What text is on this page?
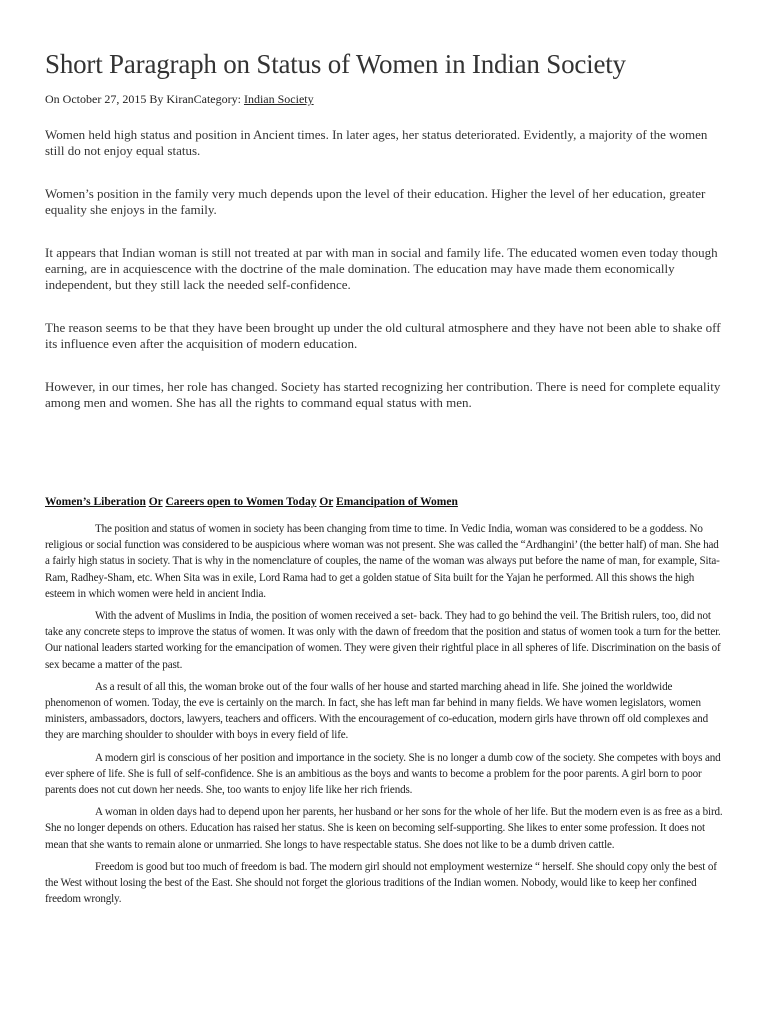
Short Paragraph on Status of Women in Indian Society
On October 27, 2015 By KiranCategory: Indian Society

Women held high status and position in Ancient times. In later ages, her status deteriorated. Evidently, a majority of the women still do not enjoy equal status.

Women’s position in the family very much depends upon the level of their education. Higher the level of her education, greater equality she enjoys in the family.

It appears that Indian woman is still not treated at par with man in social and family life. The educated women even today though earning, are in acquiescence with the doctrine of the male domination. The education may have made them economically independent, but they still lack the needed self-confidence.

The reason seems to be that they have been brought up under the old cultural atmosphere and they have not been able to shake off its influence even after the acquisition of modern education.

However, in our times, her role has changed. Society has started recognizing her contribution. There is need for complete equality among men and women. She has all the rights to command equal status with men.

Women’s Liberation Or Careers open to Women Today Or Emancipation of Women

The position and status of women in society has been changing from time to time. In Vedic India, woman was considered to be a goddess. No religious or social function was considered to be auspicious where woman was not present. She was called the “Ardhangini’ (the better half) of man. She had a fairly high status in society. That is why in the nomenclature of couples, the name of the woman was always put before the name of man, for example, Sita-Ram, Radhey-Sham, etc. When Sita was in exile, Lord Rama had to get a golden statue of Sita built for the Yajan he performed. All this shows the high esteem in which women were held in ancient India.

With the advent of Muslims in India, the position of women received a set- back. They had to go behind the veil. The British rulers, too, did not take any concrete steps to improve the status of women. It was only with the dawn of freedom that the position and status of women took a turn for the better. Our national leaders started working for the emancipation of women. They were given their rightful place in all spheres of life. Discrimination on the basis of sex became a matter of the past.

As a result of all this, the woman broke out of the four walls of her house and started marching ahead in life. She joined the worldwide phenomenon of women. Today, the eve is certainly on the march. In fact, she has left man far behind in many fields. We have women legislators, women ministers, ambassadors, doctors, lawyers, teachers and officers. With the encouragement of co-education, modern girls have thrown off old complexes and they are marching shoulder to shoulder with boys in every field of life.

A modern girl is conscious of her position and importance in the society. She is no longer a dumb cow of the society. She competes with boys and ever sphere of life. She is full of self-confidence. She is an ambitious as the boys and wants to become a problem for the poor parents. A girl born to poor parents does not cut down her needs. She, too wants to enjoy life like her rich friends.

A woman in olden days had to depend upon her parents, her husband or her sons for the whole of her life. But the modern even is as free as a bird. She no longer depends on others. Education has raised her status. She is keen on becoming self-supporting. She likes to enter some profession. It does not mean that she wants to remain alone or unmarried. She longs to have respectable status. She does not like to be a dumb driven cattle.

Freedom is good but too much of freedom is bad. The modern girl should not employment westernize “ herself. She should copy only the best of the West without losing the best of the East. She should not forget the glorious traditions of the Indian women. Nobody, would like to keep her confined freedom wrongly.
